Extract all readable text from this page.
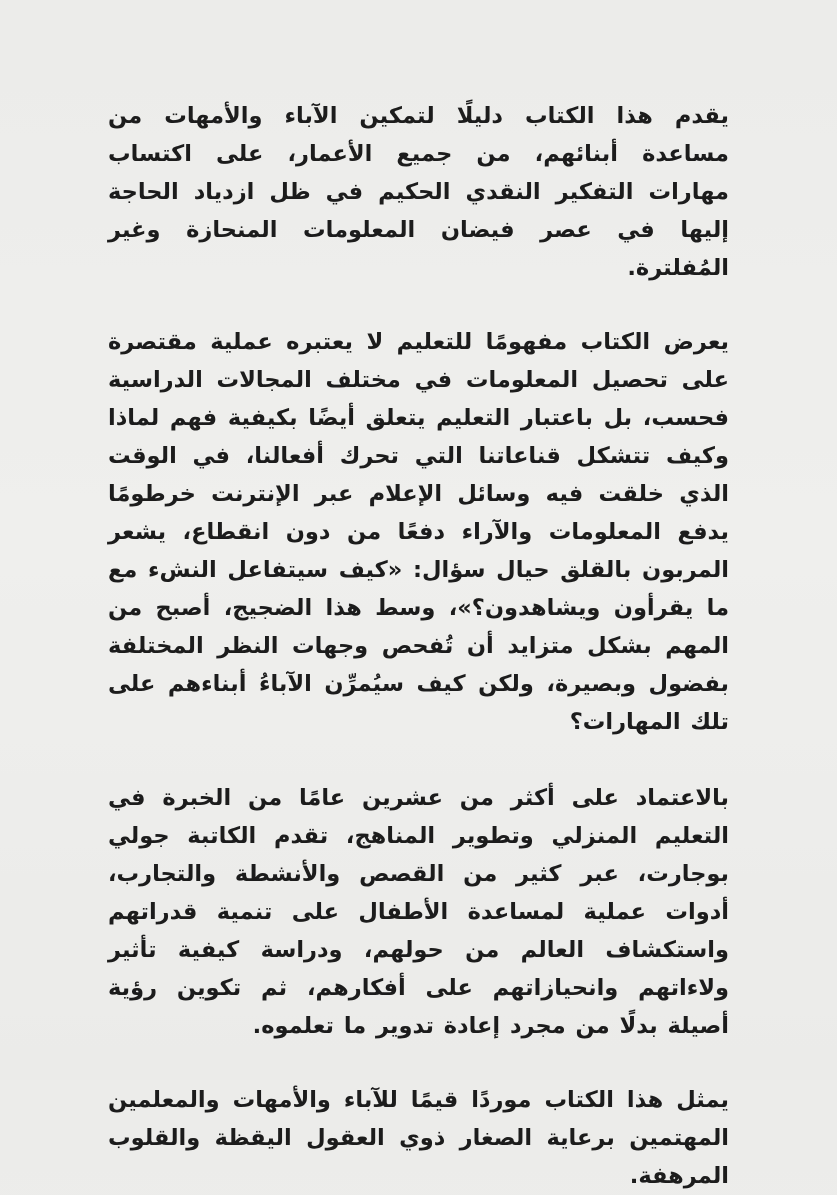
يقدم هذا الكتاب دليلًا لتمكين الآباء والأمهات من مساعدة أبنائهم، من جميع الأعمار، على اكتساب مهارات التفكير النقدي الحكيم في ظل ازدياد الحاجة إليها في عصر فيضان المعلومات المنحازة وغير المُفلترة.

يعرض الكتاب مفهومًا للتعليم لا يعتبره عملية مقتصرة على تحصيل المعلومات في مختلف المجالات الدراسية فحسب، بل باعتبار التعليم يتعلق أيضًا بكيفية فهم لماذا وكيف تتشكل قناعاتنا التي تحرك أفعالنا، في الوقت الذي خلقت فيه وسائل الإعلام عبر الإنترنت خرطومًا يدفع المعلومات والآراء دفعًا من دون انقطاع، يشعر المربون بالقلق حيال سؤال: «كيف سيتفاعل النشء مع ما يقرأون ويشاهدون؟»، وسط هذا الضجيج، أصبح من المهم بشكل متزايد أن تُفحص وجهات النظر المختلفة بفضول وبصيرة، ولكن كيف سيُمرِّن الآباءُ أبناءهم على تلك المهارات؟

بالاعتماد على أكثر من عشرين عامًا من الخبرة في التعليم المنزلي وتطوير المناهج، تقدم الكاتبة جولي بوجارت، عبر كثير من القصص والأنشطة والتجارب، أدوات عملية لمساعدة الأطفال على تنمية قدراتهم واستكشاف العالم من حولهم، ودراسة كيفية تأثير ولاءاتهم وانحيازاتهم على أفكارهم، ثم تكوين رؤية أصيلة بدلًا من مجرد إعادة تدوير ما تعلموه.

يمثل هذا الكتاب موردًا قيمًا للآباء والأمهات والمعلمين المهتمين برعاية الصغار ذوي العقول اليقظة والقلوب المرهفة.
